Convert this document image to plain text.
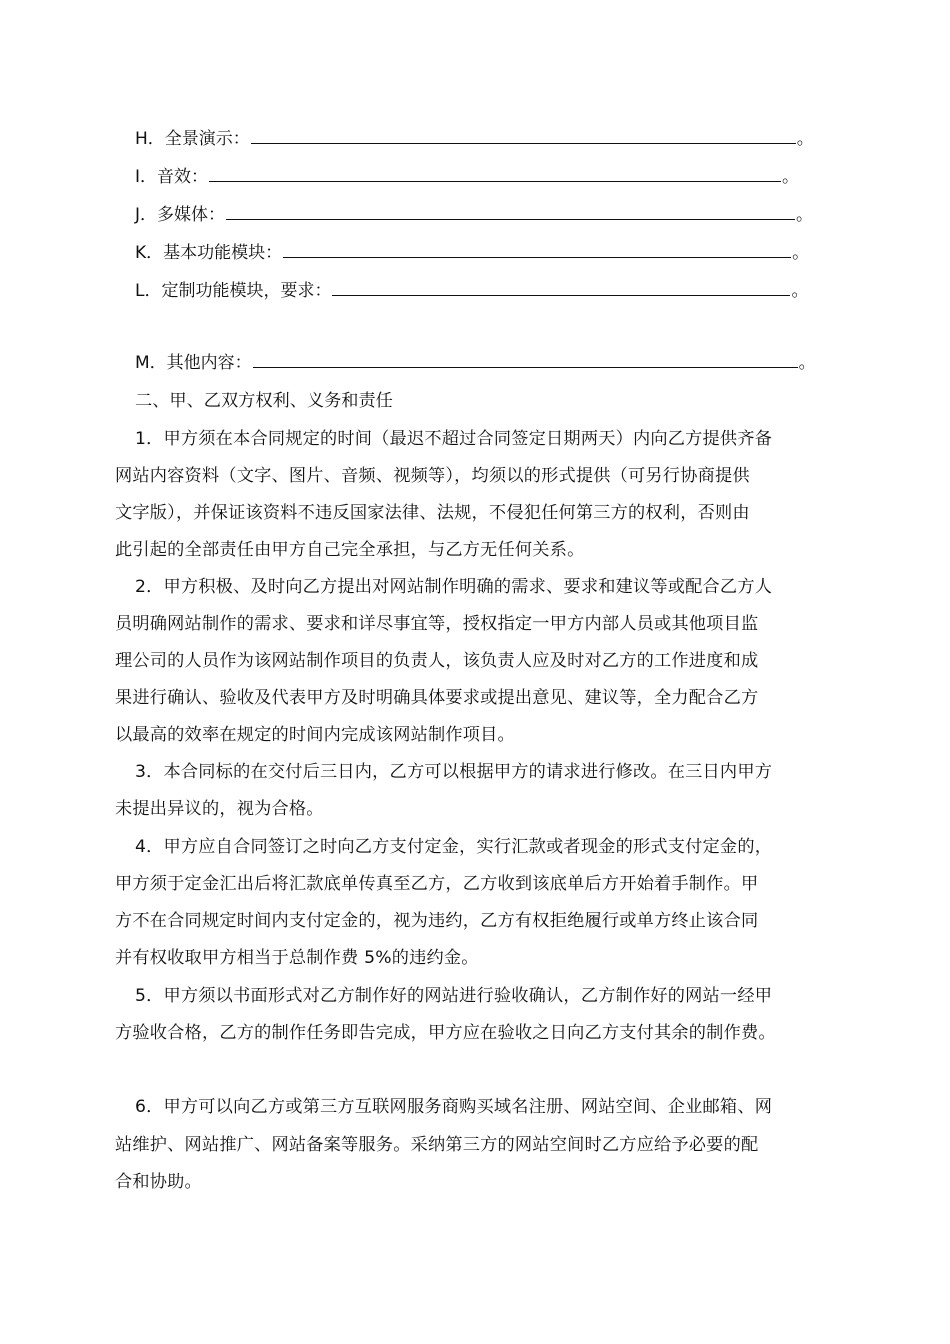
H．全景演示：	。
I．音效：	。
J．多媒体：	。
K．基本功能模块：	。
L．定制功能模块，要求：	。
M．其他内容：	。
二、甲、乙双方权利、义务和责任
1．甲方须在本合同规定的时间（最迟不超过合同签定日期两天）内向乙方提供齐备
网站内容资料（文字、图片、音频、视频等），均须以的形式提供（可另行协商提供
文字版），并保证该资料不违反国家法律、法规，不侵犯任何第三方的权利，否则由
此引起的全部责任由甲方自己完全承担，与乙方无任何关系。
2．甲方积极、及时向乙方提出对网站制作明确的需求、要求和建议等或配合乙方人
员明确网站制作的需求、要求和详尽事宜等，授权指定一甲方内部人员或其他项目监
理公司的人员作为该网站制作项目的负责人，该负责人应及时对乙方的工作进度和成
果进行确认、验收及代表甲方及时明确具体要求或提出意见、建议等，全力配合乙方
以最高的效率在规定的时间内完成该网站制作项目。
3．本合同标的在交付后三日内，乙方可以根据甲方的请求进行修改。在三日内甲方
未提出异议的，视为合格。
4．甲方应自合同签订之时向乙方支付定金，实行汇款或者现金的形式支付定金的，
甲方须于定金汇出后将汇款底单传真至乙方，乙方收到该底单后方开始着手制作。甲
方不在合同规定时间内支付定金的，视为违约，乙方有权拒绝履行或单方终止该合同
并有权收取甲方相当于总制作费 5%的违约金。
5．甲方须以书面形式对乙方制作好的网站进行验收确认，乙方制作好的网站一经甲
方验收合格，乙方的制作任务即告完成，甲方应在验收之日向乙方支付其余的制作费。
6．甲方可以向乙方或第三方互联网服务商购买域名注册、网站空间、企业邮箱、网
站维护、网站推广、网站备案等服务。采纳第三方的网站空间时乙方应给予必要的配
合和协助。
